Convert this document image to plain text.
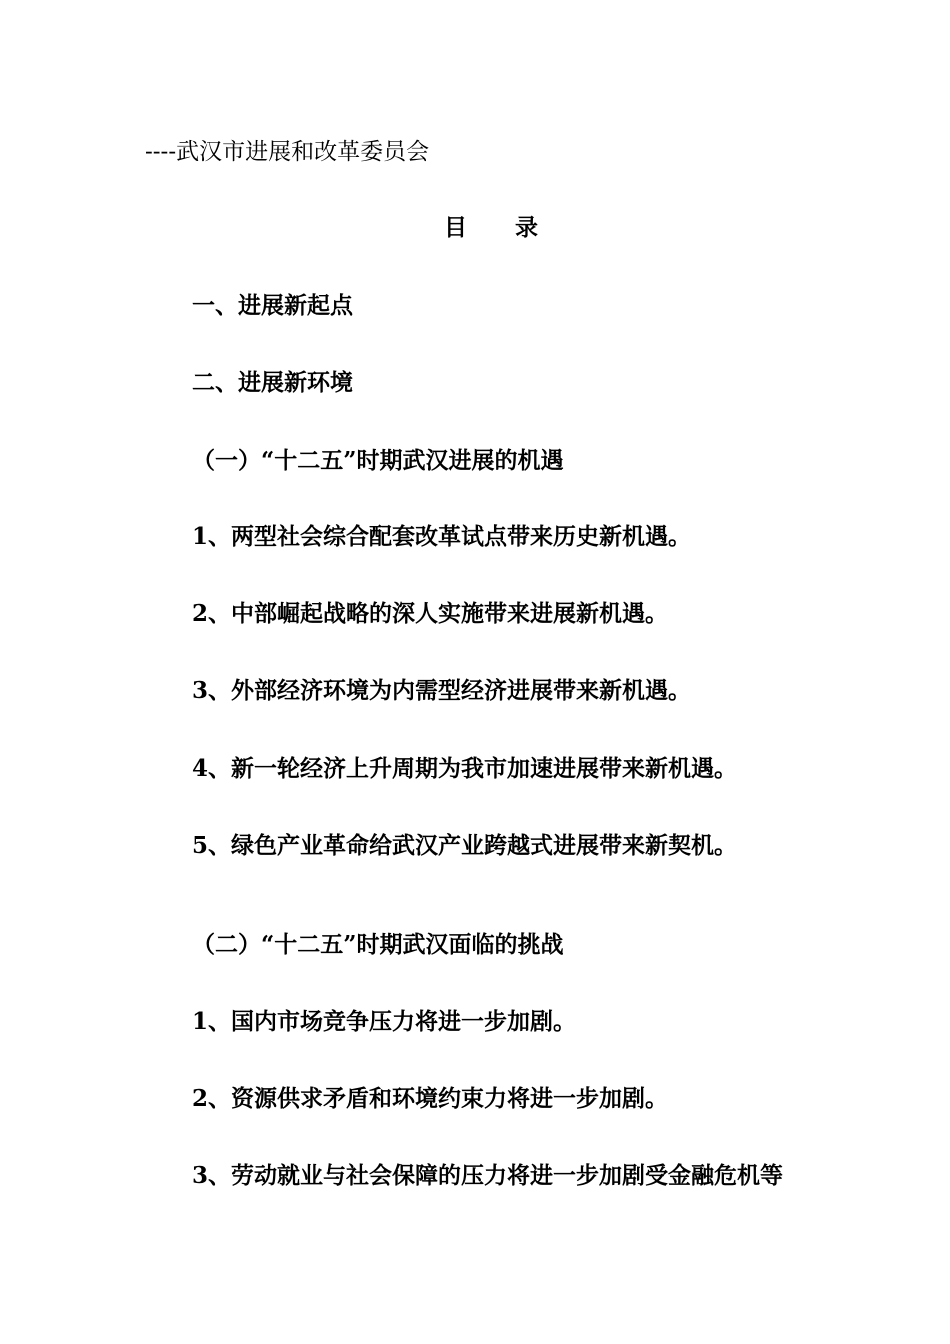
----武汉市进展和改革委员会
目 录
一、进展新起点
二、进展新环境
（一）“十二五”时期武汉进展的机遇
1、两型社会综合配套改革试点带来历史新机遇。
2、中部崛起战略的深人实施带来进展新机遇。
3、外部经济环境为内需型经济进展带来新机遇。
4、新一轮经济上升周期为我市加速进展带来新机遇。
5、绿色产业革命给武汉产业跨越式进展带来新契机。
（二）“十二五”时期武汉面临的挑战
1、国内市场竞争压力将进一步加剧。
2、资源供求矛盾和环境约束力将进一步加剧。
3、劳动就业与社会保障的压力将进一步加剧受金融危机等
